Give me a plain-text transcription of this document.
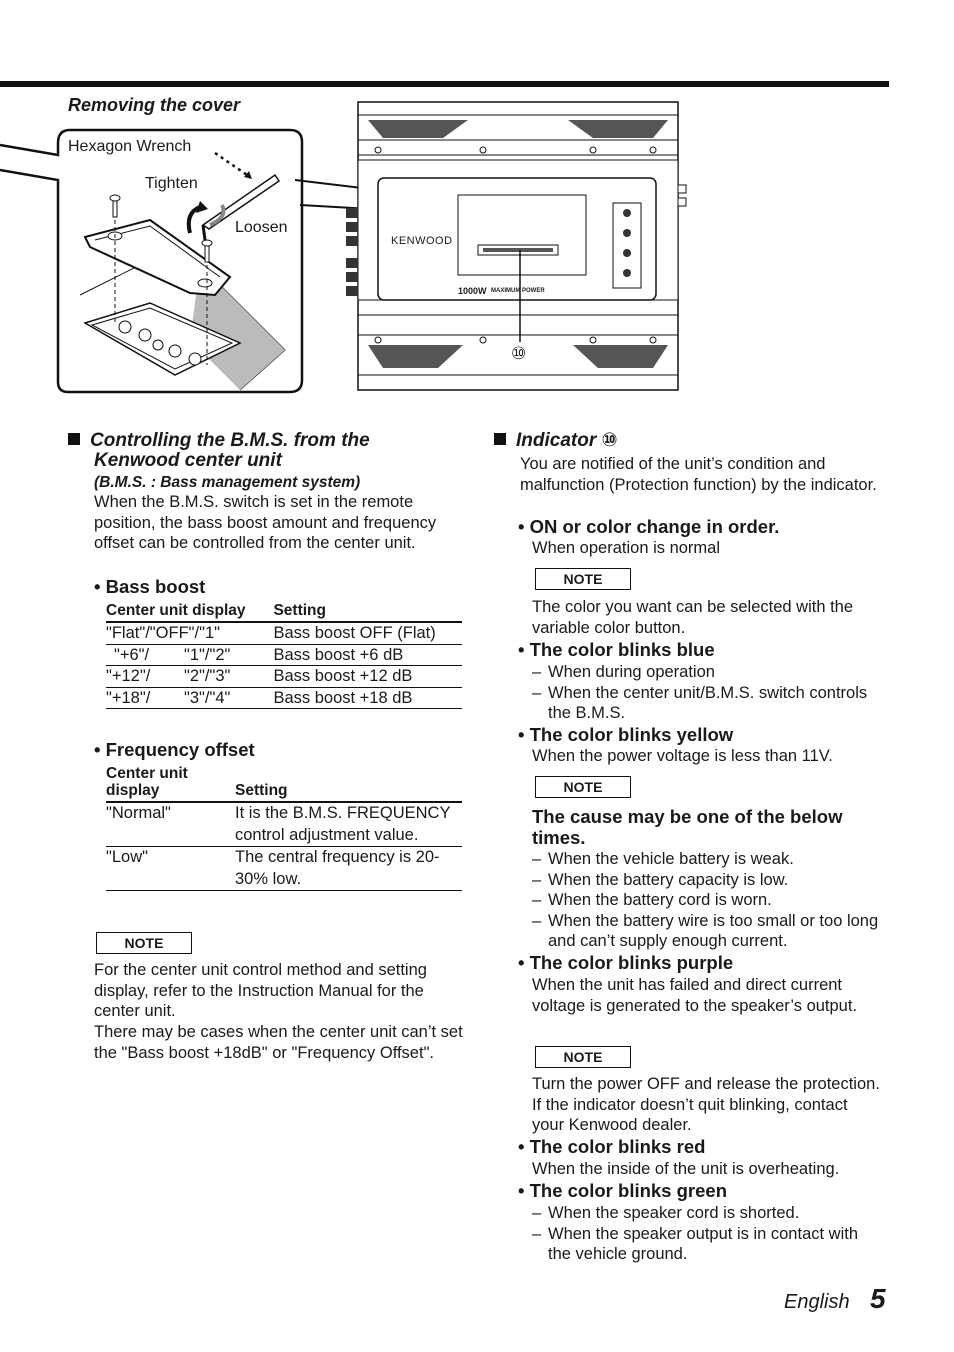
Removing the cover
Hexagon Wrench
Tighten
Loosen
KENWOOD
1000W MAXIMUM POWER
⑩
Controlling the B.M.S. from the
Kenwood center unit
(B.M.S. : Bass management system)
When the B.M.S. switch is set in the remote position, the bass boost amount and frequency offset can be controlled from the center unit.
• Bass boost
Center unit display		Setting
"Flat"/"OFF"/"1"		Bass boost OFF (Flat)
"+6"/	"1"/"2"	Bass boost +6 dB
"+12"/	"2"/"3"	Bass boost +12 dB
"+18"/	"3"/"4"	Bass boost +18 dB
• Frequency offset
Center unit display	Setting
"Normal"	It is the B.M.S. FREQUENCY control adjustment value.
"Low"	The central frequency is 20-30% low.
NOTE
For the center unit control method and setting display, refer to the Instruction Manual for the center unit.
There may be cases when the center unit can’t set the "Bass boost +18dB" or "Frequency Offset".
Indicator ⑩
You are notified of the unit’s condition and malfunction (Protection function) by the indicator.
• ON or color change in order.
When operation is normal
NOTE
The color you want can be selected with the variable color button.
• The color blinks blue
– When during operation
– When the center unit/B.M.S. switch controls the B.M.S.
• The color blinks yellow
When the power voltage is less than 11V.
NOTE
The cause may be one of the below times.
– When the vehicle battery is weak.
– When the battery capacity is low.
– When the battery cord is worn.
– When the battery wire is too small or too long and can’t supply enough current.
• The color blinks purple
When the unit has failed and direct current voltage is generated to the speaker’s output.
NOTE
Turn the power OFF and release the protection. If the indicator doesn’t quit blinking, contact your Kenwood dealer.
• The color blinks red
When the inside of the unit is overheating.
• The color blinks green
– When the speaker cord is shorted.
– When the speaker output is in contact with the vehicle ground.
English 5
